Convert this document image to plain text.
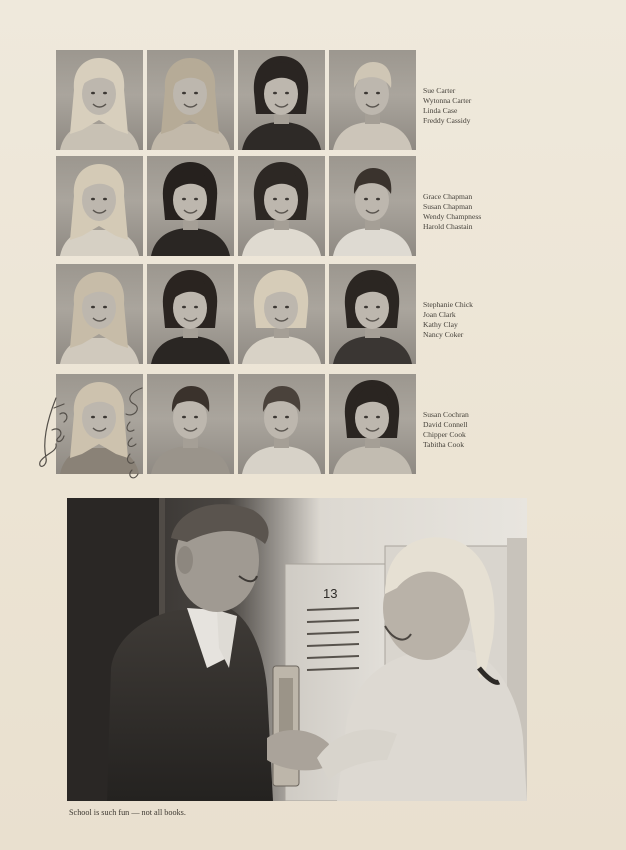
Sue Carter
Wytonna Carter
Linda Case
Freddy Cassidy
Grace Chapman
Susan Chapman
Wendy Champness
Harold Chastain
Stephanie Chick
Joan Clark
Kathy Clay
Nancy Coker
Susan Cochran
David Connell
Chipper Cook
Tabitha Cook
13
School is such fun — not all books.
